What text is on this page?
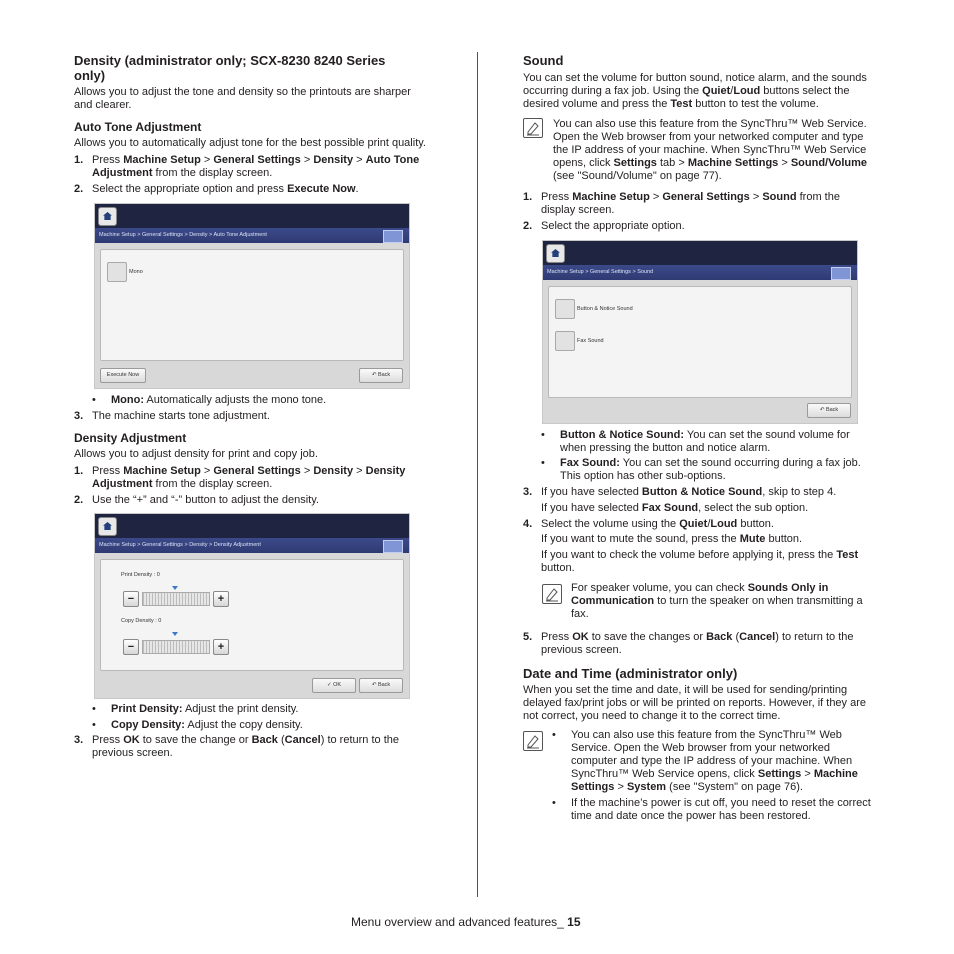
Density (administrator only; SCX-8230 8240 Series
only)

Allows you to adjust the tone and density so the printouts are sharper
and clearer.

Auto Tone Adjustment

Allows you to automatically adjust tone for the best possible print quality.

1. Press Machine Setup > General Settings > Density > Auto Tone
Adjustment from the display screen.
2. Select the appropriate option and press Execute Now.
Machine Setup > General Settings > Density > Auto Tone Adjustment
Mono
Execute Now	↶ Back
• Mono: Automatically adjusts the mono tone.
3. The machine starts tone adjustment.
Density Adjustment

Allows you to adjust density for print and copy job.

1. Press Machine Setup > General Settings > Density > Density
Adjustment from the display screen.
2. Use the “+” and “-” button to adjust the density.
Machine Setup > General Settings > Density > Density Adjustment
Print Density : 0
−	+
Copy Density : 0
−	+
✓ OK	↶ Back
• Print Density: Adjust the print density.
• Copy Density: Adjust the copy density.
3. Press OK to save the change or Back (Cancel) to return to the
previous screen.
Sound

You can set the volume for button sound, notice alarm, and the sounds
occurring during a fax job. Using the Quiet/Loud buttons select the
desired volume and press the Test button to test the volume.

You can also use this feature from the SyncThru™ Web Service.
Open the Web browser from your networked computer and type
the IP address of your machine. When SyncThru™ Web Service
opens, click Settings tab > Machine Settings > Sound/Volume
(see "Sound/Volume" on page 77).

1. Press Machine Setup > General Settings > Sound from the
display screen.
2. Select the appropriate option.
Machine Setup > General Settings > Sound
Button & Notice Sound
Fax Sound
↶ Back
• Button & Notice Sound: You can set the sound volume for
when pressing the button and notice alarm.
• Fax Sound: You can set the sound occurring during a fax job.
This option has other sub-options.
3. If you have selected Button & Notice Sound, skip to step 4.
If you have selected Fax Sound, select the sub option.
4. Select the volume using the Quiet/Loud button.
If you want to mute the sound, press the Mute button.
If you want to check the volume before applying it, press the Test
button.

For speaker volume, you can check Sounds Only in
Communication to turn the speaker on when transmitting a
fax.

5. Press OK to save the changes or Back (Cancel) to return to the
previous screen.
Date and Time (administrator only)

When you set the time and date, it will be used for sending/printing
delayed fax/print jobs or will be printed on reports. However, if they are
not correct, you need to change it to the correct time.

• You can also use this feature from the SyncThru™ Web
Service. Open the Web browser from your networked
computer and type the IP address of your machine. When
SyncThru™ Web Service opens, click Settings > Machine
Settings > System (see "System" on page 76).
• If the machine’s power is cut off, you need to reset the correct
time and date once the power has been restored.
Menu overview and advanced features_ 15
